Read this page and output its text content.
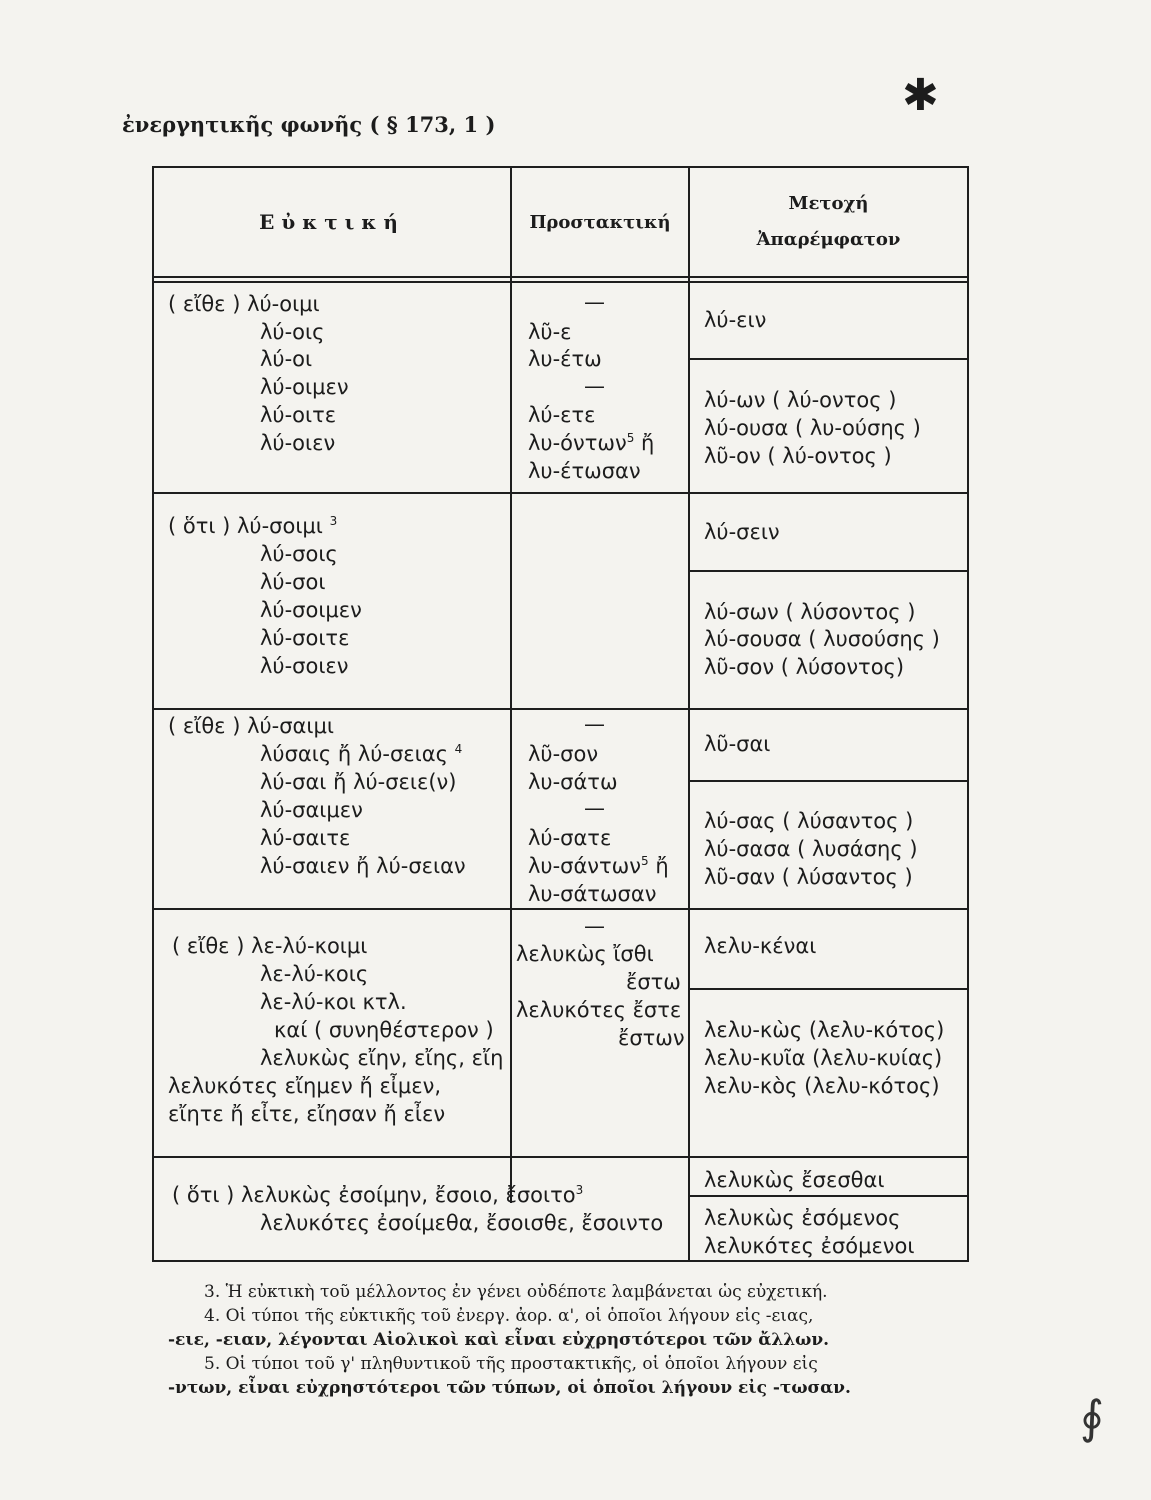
ἐνεργητικῆς φωνῆς ( § 173, 1 )
✱
Εὐκτική	Προστακτική
Μετοχή
Ἀπαρέμφατον
( εἴθε ) λύ-οιμι
λύ-οις
λύ-οι
λύ-οιμεν
λύ-οιτε
λύ-οιεν
—
λῦ-ε
λυ-έτω
—
λύ-ετε
λυ-όντων$^5$ ἤ
λυ-έτωσαν
λύ-ειν
λύ-ων ( λύ-οντος )
λύ-ουσα ( λυ-ούσης )
λῦ-ον ( λύ-οντος )
( ὅτι ) λύ-σοιμι $^3$
λύ-σοις
λύ-σοι
λύ-σοιμεν
λύ-σοιτε
λύ-σοιεν
λύ-σειν
λύ-σων ( λύσοντος )
λύ-σουσα ( λυσούσης )
λῦ-σον ( λύσοντος)
( εἴθε ) λύ-σαιμι
λύσαις ἤ λύ-σειας $^4$
λύ-σαι ἤ λύ-σειε(ν)
λύ-σαιμεν
λύ-σαιτε
λύ-σαιεν ἤ λύ-σειαν
—
λῦ-σον
λυ-σάτω
—
λύ-σατε
λυ-σάντων$^5$ ἤ
λυ-σάτωσαν
λῦ-σαι
λύ-σας ( λύσαντος )
λύ-σασα ( λυσάσης )
λῦ-σαν ( λύσαντος )
( εἴθε ) λε-λύ-κοιμι
λε-λύ-κοις
λε-λύ-κοι κτλ.
καί ( συνηθέστερον )
λελυκὼς εἴην, εἴης, εἴη
λελυκότες εἴημεν ἤ εἶμεν,
εἴητε ἤ εἶτε, εἴησαν ἤ εἶεν
—
λελυκὼς ἴσθι
ἔστω
λελυκότες ἔστε
ἔστων
λελυ-κέναι
λελυ-κὼς (λελυ-κότος)
λελυ-κυῖα (λελυ-κυίας)
λελυ-κὸς (λελυ-κότος)
( ὅτι ) λελυκὼς ἐσοίμην, ἔσοιο, ἔσοιτο$^3$
λελυκότες ἐσοίμεθα, ἔσοισθε, ἔσοιντο
λελυκὼς ἔσεσθαι
λελυκὼς ἐσόμενος
λελυκότες ἐσόμενοι
3. Ἡ εὐκτικὴ τοῦ μέλλοντος ἐν γένει οὐδέποτε λαμβάνεται ὡς εὐχετική.
4. Οἱ τύποι τῆς εὐκτικῆς τοῦ ἐνεργ. ἀορ. α', οἱ ὁποῖοι λήγουν εἰς -ειας,
-ειε, -ειαν, λέγονται Αἰολικοὶ καὶ εἶναι εὐχρηστότεροι τῶν ἄλλων.
5. Οἱ τύποι τοῦ γ' πληθυντικοῦ τῆς προστακτικῆς, οἱ ὁποῖοι λήγουν εἰς
-ντων, εἶναι εὐχρηστότεροι τῶν τύπων, οἱ ὁποῖοι λήγουν εἰς -τωσαν.
∮
